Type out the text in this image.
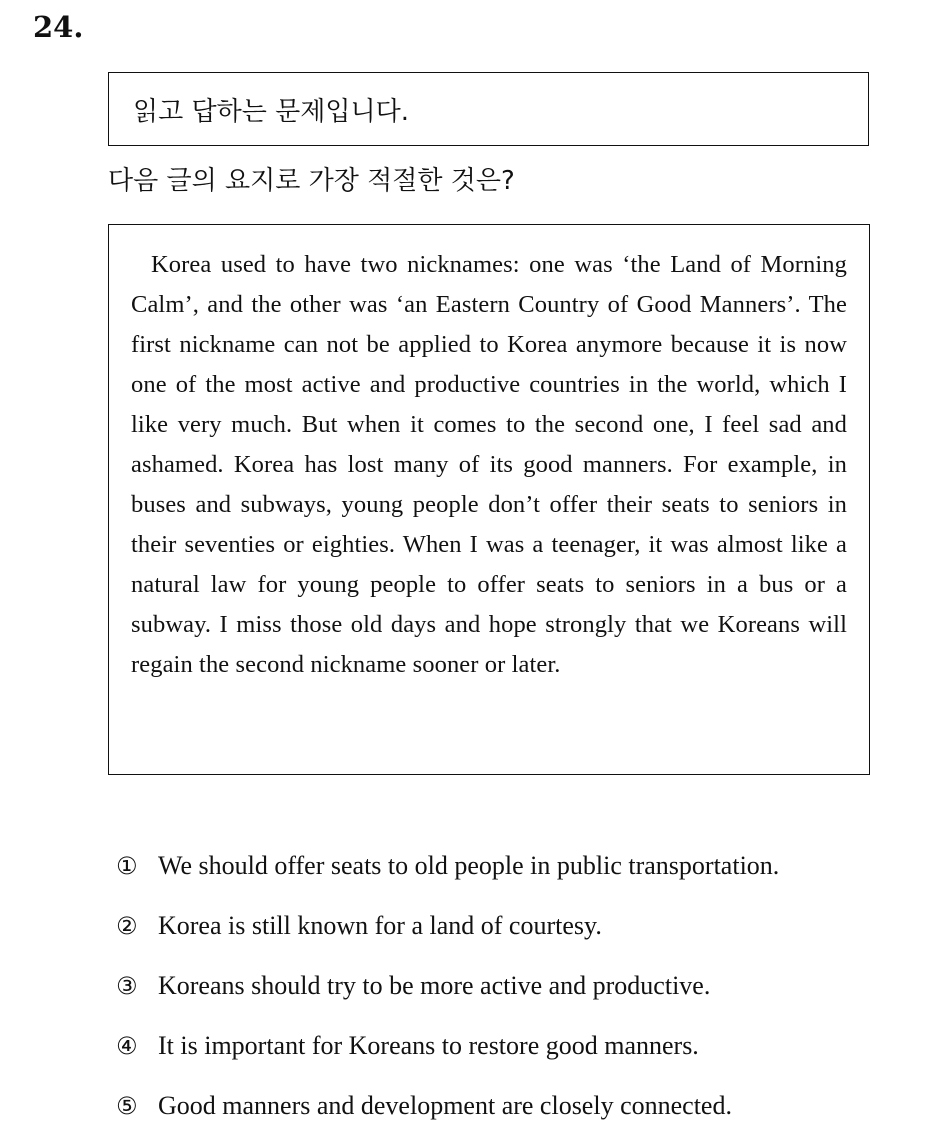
24.
읽고 답하는 문제입니다.
다음 글의 요지로 가장 적절한 것은?

Korea used to have two nicknames: one was ‘the Land of Morning Calm’, and the other was ‘an Eastern Country of Good Manners’. The first nickname can not be applied to Korea anymore because it is now one of the most active and productive countries in the world, which I like very much. But when it comes to the second one, I feel sad and ashamed. Korea has lost many of its good manners. For example, in buses and subways, young people don’t offer their seats to seniors in their seventies or eighties. When I was a teenager, it was almost like a natural law for young people to offer seats to seniors in a bus or a subway. I miss those old days and hope strongly that we Koreans will regain the second nickname sooner or later.

① We should offer seats to old people in public transportation.
② Korea is still known for a land of courtesy.
③ Koreans should try to be more active and productive.
④ It is important for Koreans to restore good manners.
⑤ Good manners and development are closely connected.
